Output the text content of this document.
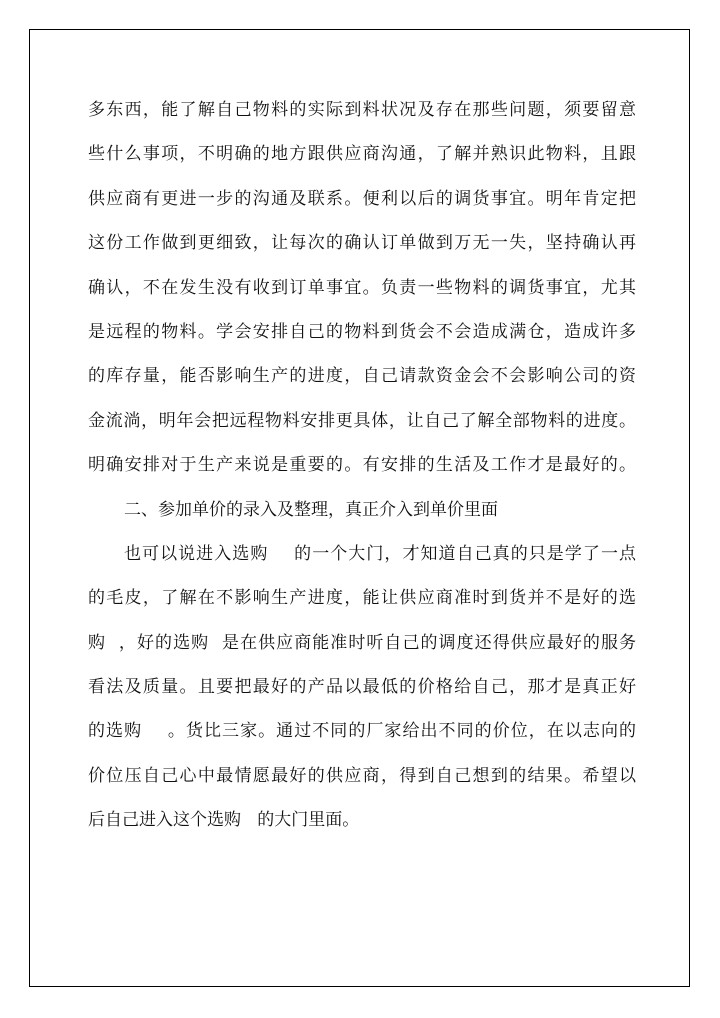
多东西，能了解自己物料的实际到料状况及存在那些问题，须要留意
些什么事项，不明确的地方跟供应商沟通，了解并熟识此物料，且跟
供应商有更进一步的沟通及联系。便利以后的调货事宜。明年肯定把
这份工作做到更细致，让每次的确认订单做到万无一失，坚持确认再
确认，不在发生没有收到订单事宜。负责一些物料的调货事宜，尤其
是远程的物料。学会安排自己的物料到货会不会造成满仓，造成许多
的库存量，能否影响生产的进度，自己请款资金会不会影响公司的资
金流淌，明年会把远程物料安排更具体，让自己了解全部物料的进度。
明确安排对于生产来说是重要的。有安排的生活及工作才是最好的。
二、参加单价的录入及整理，真正介入到单价里面
也可以说进入选购    的一个大门，才知道自己真的只是学了一点
的毛皮，了解在不影响生产进度，能让供应商准时到货并不是好的选
购  ，好的选购  是在供应商能准时听自己的调度还得供应最好的服务
看法及质量。且要把最好的产品以最低的价格给自己，那才是真正好
的选购    。货比三家。通过不同的厂家给出不同的价位，在以志向的
价位压自己心中最情愿最好的供应商，得到自己想到的结果。希望以
后自己进入这个选购   的大门里面。
